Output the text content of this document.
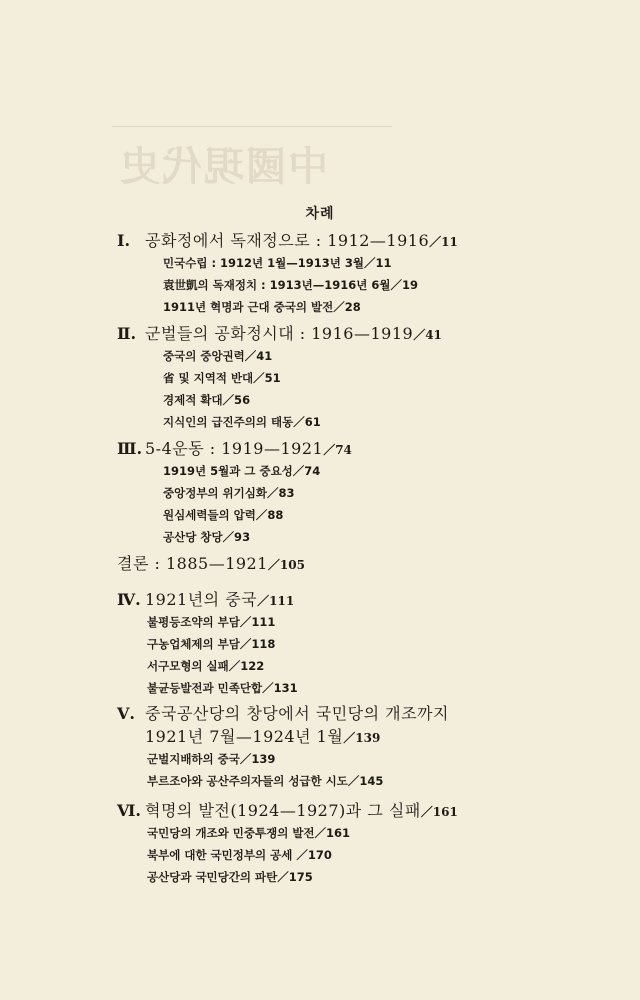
中國現代史
차례
I. 공화정에서 독재정으로 : 1912—1916／11
민국수립 : 1912년 1월—1913년 3월／11
袁世凱의 독재정치 : 1913년—1916년 6월／19
1911년 혁명과 근대 중국의 발전／28
Ⅱ. 군벌들의 공화정시대 : 1916—1919／41
중국의 중앙권력／41
省 및 지역적 반대／51
경제적 확대／56
지식인의 급진주의의 태동／61
Ⅲ. 5-4운동 : 1919—1921／74
1919년 5월과 그 중요성／74
중앙정부의 위기심화／83
원심세력들의 압력／88
공산당 창당／93
결론 : 1885—1921／105
Ⅳ. 1921년의 중국／111
불평등조약의 부담／111
구농업체제의 부담／118
서구모형의 실패／122
불균등발전과 민족단합／131
Ⅴ. 중국공산당의 창당에서 국민당의 개조까지
1921년 7월—1924년 1월／139
군벌지배하의 중국／139
부르조아와 공산주의자들의 성급한 시도／145
Ⅵ. 혁명의 발전(1924—1927)과 그 실패／161
국민당의 개조와 민중투쟁의 발전／161
북부에 대한 국민정부의 공세 ／170
공산당과 국민당간의 파탄／175
